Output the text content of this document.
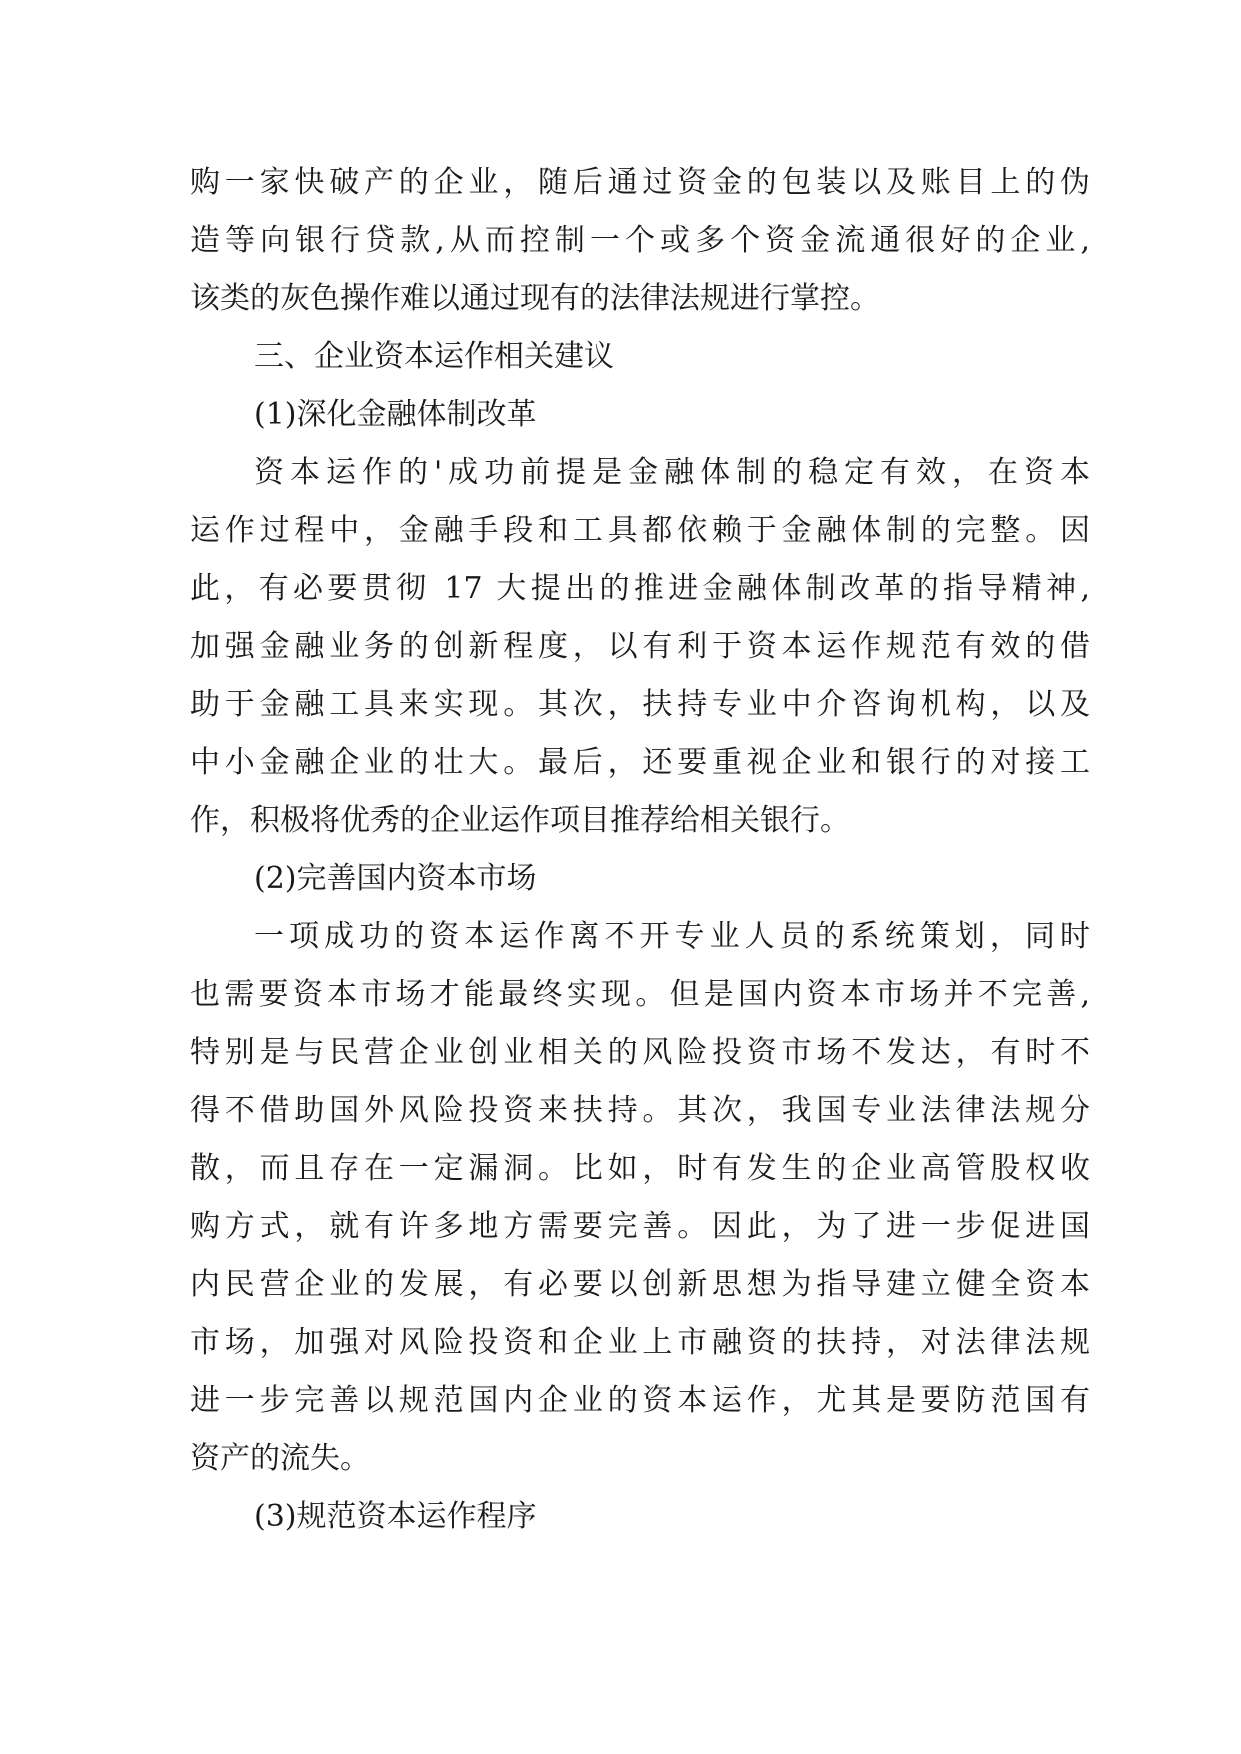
购一家快破产的企业，随后通过资金的包装以及账目上的伪
造等向银行贷款,从而控制一个或多个资金流通很好的企业,
该类的灰色操作难以通过现有的法律法规进行掌控。
三、企业资本运作相关建议
(1)深化金融体制改革
资本运作的'成功前提是金融体制的稳定有效，在资本
运作过程中，金融手段和工具都依赖于金融体制的完整。因
此，有必要贯彻 17 大提出的推进金融体制改革的指导精神,
加强金融业务的创新程度，以有利于资本运作规范有效的借
助于金融工具来实现。其次，扶持专业中介咨询机构，以及
中小金融企业的壮大。最后，还要重视企业和银行的对接工
作，积极将优秀的企业运作项目推荐给相关银行。
(2)完善国内资本市场
一项成功的资本运作离不开专业人员的系统策划，同时
也需要资本市场才能最终实现。但是国内资本市场并不完善,
特别是与民营企业创业相关的风险投资市场不发达，有时不
得不借助国外风险投资来扶持。其次，我国专业法律法规分
散，而且存在一定漏洞。比如，时有发生的企业高管股权收
购方式，就有许多地方需要完善。因此，为了进一步促进国
内民营企业的发展，有必要以创新思想为指导建立健全资本
市场，加强对风险投资和企业上市融资的扶持，对法律法规
进一步完善以规范国内企业的资本运作，尤其是要防范国有
资产的流失。
(3)规范资本运作程序
